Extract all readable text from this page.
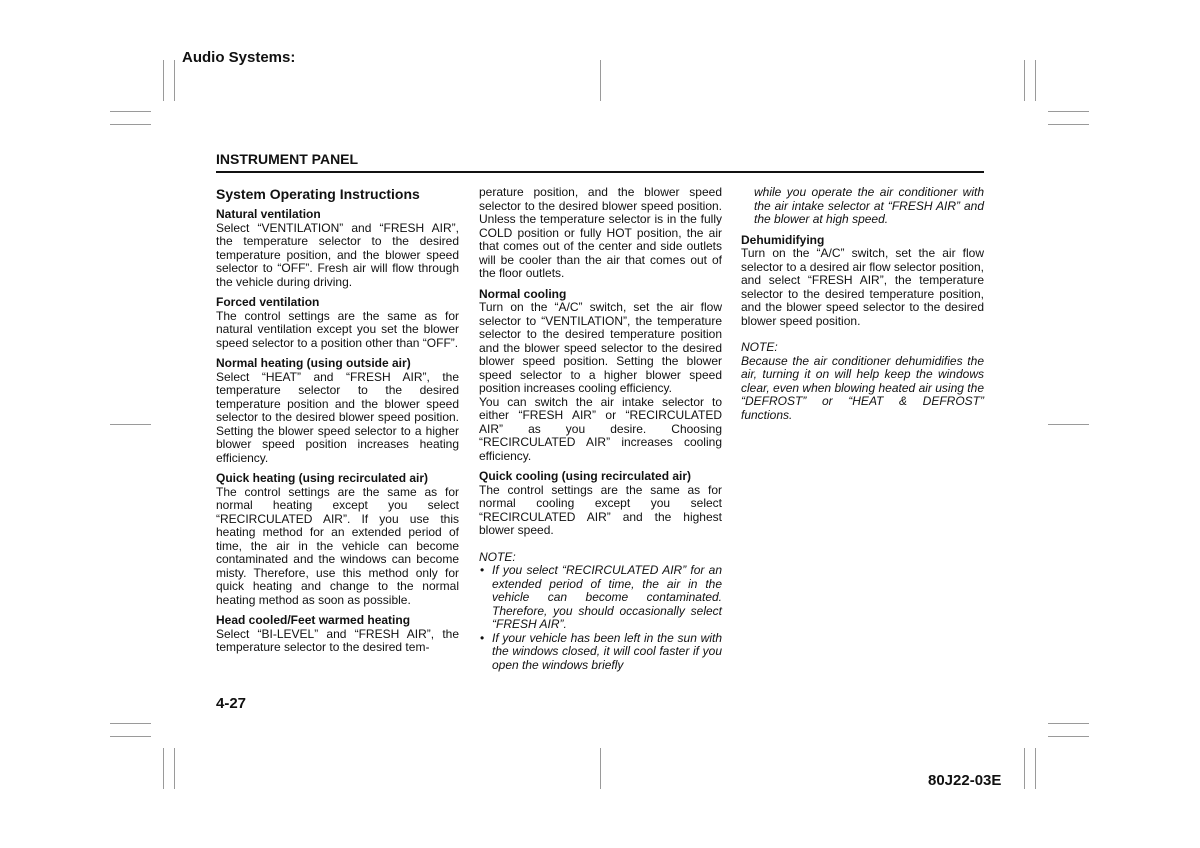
Audio Systems:
INSTRUMENT PANEL
System Operating Instructions
Natural ventilation

Select “VENTILATION” and “FRESH AIR”, the temperature selector to the desired temperature position, and the blower speed selector to “OFF”. Fresh air will flow through the vehicle during driving.

Forced ventilation

The control settings are the same as for natural ventilation except you set the blower speed selector to a position other than “OFF”.

Normal heating (using outside air)

Select “HEAT” and “FRESH AIR”, the temperature selector to the desired temperature position and the blower speed selector to the desired blower speed position. Setting the blower speed selector to a higher blower speed position increases heating efficiency.

Quick heating (using recirculated air)

The control settings are the same as for normal heating except you select “RECIRCULATED AIR”. If you use this heating method for an extended period of time, the air in the vehicle can become contaminated and the windows can become misty. Therefore, use this method only for quick heating and change to the normal heating method as soon as possible.

Head cooled/Feet warmed heating

Select “BI-LEVEL” and “FRESH AIR”, the temperature selector to the desired tem-

perature position, and the blower speed selector to the desired blower speed position. Unless the temperature selector is in the fully COLD position or fully HOT position, the air that comes out of the center and side outlets will be cooler than the air that comes out of the floor outlets.

Normal cooling

Turn on the “A/C” switch, set the air flow selector to “VENTILATION”, the temperature selector to the desired temperature position and the blower speed selector to the desired blower speed position. Setting the blower speed selector to a higher blower speed position increases cooling efficiency.

You can switch the air intake selector to either “FRESH AIR” or “RECIRCULATED AIR” as you desire. Choosing “RECIRCULATED AIR” increases cooling efficiency.

Quick cooling (using recirculated air)

The control settings are the same as for normal cooling except you select “RECIRCULATED AIR” and the highest blower speed.

NOTE:

• If you select “RECIRCULATED AIR” for an extended period of time, the air in the vehicle can become contaminated. Therefore, you should occasionally select “FRESH AIR”.
• If your vehicle has been left in the sun with the windows closed, it will cool faster if you open the windows briefly

while you operate the air conditioner with the air intake selector at “FRESH AIR” and the blower at high speed.

Dehumidifying

Turn on the “A/C” switch, set the air flow selector to a desired air flow selector position, and select “FRESH AIR”, the temperature selector to the desired temperature position, and the blower speed selector to the desired blower speed position.

NOTE:

Because the air conditioner dehumidifies the air, turning it on will help keep the windows clear, even when blowing heated air using the “DEFROST” or “HEAT & DEFROST” functions.

4-27
80J22-03E
